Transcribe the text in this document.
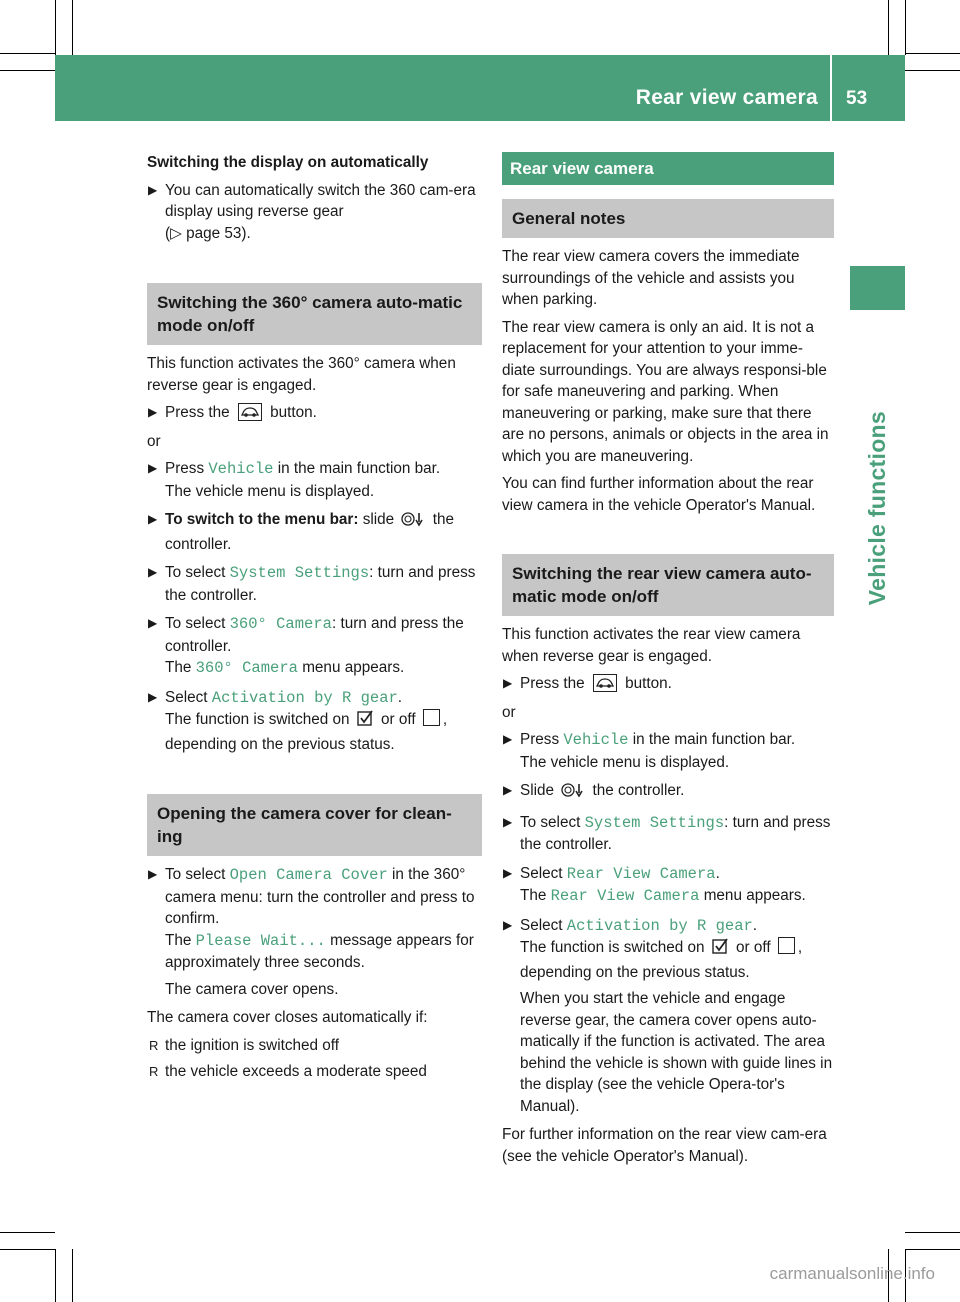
Rear view camera 53
Vehicle functions

Switching the display on automatically

▶ You can automatically switch the 360 cam-era display using reverse gear
(▷ page 53).
Switching the 360° camera auto-matic mode on/off

This function activates the 360° camera when reverse gear is engaged.

▶ Press the	button.

or

▶ Press Vehicle in the main function bar.
The vehicle menu is displayed.
▶ To switch to the menu bar: slide	the controller.
▶ To select System Settings: turn and press the controller.
▶ To select 360° Camera: turn and press the controller.
The 360° Camera menu appears.
▶ Select Activation by R gear.
The function is switched on or off ,
depending on the previous status.
Opening the camera cover for clean-ing
▶ To select Open Camera Cover in the 360° camera menu: turn the controller and press to confirm.
The Please Wait... message appears for approximately three seconds.
The camera cover opens.

The camera cover closes automatically if:

R the ignition is switched off
R the vehicle exceeds a moderate speed
Rear view camera
General notes

The rear view camera covers the immediate surroundings of the vehicle and assists you when parking.

The rear view camera is only an aid. It is not a replacement for your attention to your imme-diate surroundings. You are always responsi-ble for safe maneuvering and parking. When maneuvering or parking, make sure that there are no persons, animals or objects in the area in which you are maneuvering.

You can find further information about the rear view camera in the vehicle Operator's Manual.

Switching the rear view camera auto-matic mode on/off

This function activates the rear view camera when reverse gear is engaged.

▶ Press the	button.

or

▶ Press Vehicle in the main function bar.
The vehicle menu is displayed.
▶ Slide	the controller.
▶ To select System Settings: turn and press the controller.
▶ Select Rear View Camera.
The Rear View Camera menu appears.
▶ Select Activation by R gear.
The function is switched on or off ,
depending on the previous status.
When you start the vehicle and engage reverse gear, the camera cover opens auto-matically if the function is activated. The area behind the vehicle is shown with guide lines in the display (see the vehicle Opera-tor's Manual).

For further information on the rear view cam-era (see the vehicle Operator's Manual).

carmanualsonline.info
